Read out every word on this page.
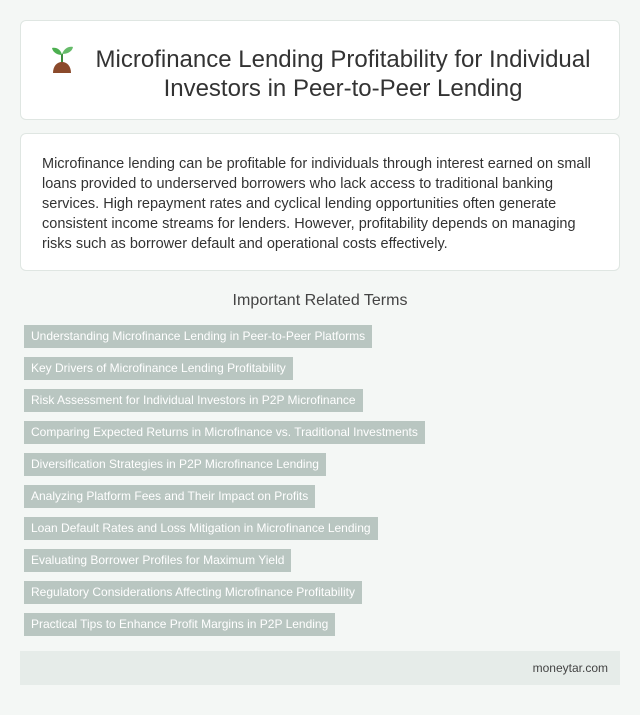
Microfinance Lending Profitability for Individual Investors in Peer-to-Peer Lending

Microfinance lending can be profitable for individuals through interest earned on small loans provided to underserved borrowers who lack access to traditional banking services. High repayment rates and cyclical lending opportunities often generate consistent income streams for lenders. However, profitability depends on managing risks such as borrower default and operational costs effectively.

Important Related Terms
Understanding Microfinance Lending in Peer-to-Peer Platforms
Key Drivers of Microfinance Lending Profitability
Risk Assessment for Individual Investors in P2P Microfinance
Comparing Expected Returns in Microfinance vs. Traditional Investments
Diversification Strategies in P2P Microfinance Lending
Analyzing Platform Fees and Their Impact on Profits
Loan Default Rates and Loss Mitigation in Microfinance Lending
Evaluating Borrower Profiles for Maximum Yield
Regulatory Considerations Affecting Microfinance Profitability
Practical Tips to Enhance Profit Margins in P2P Lending
moneytar.com
